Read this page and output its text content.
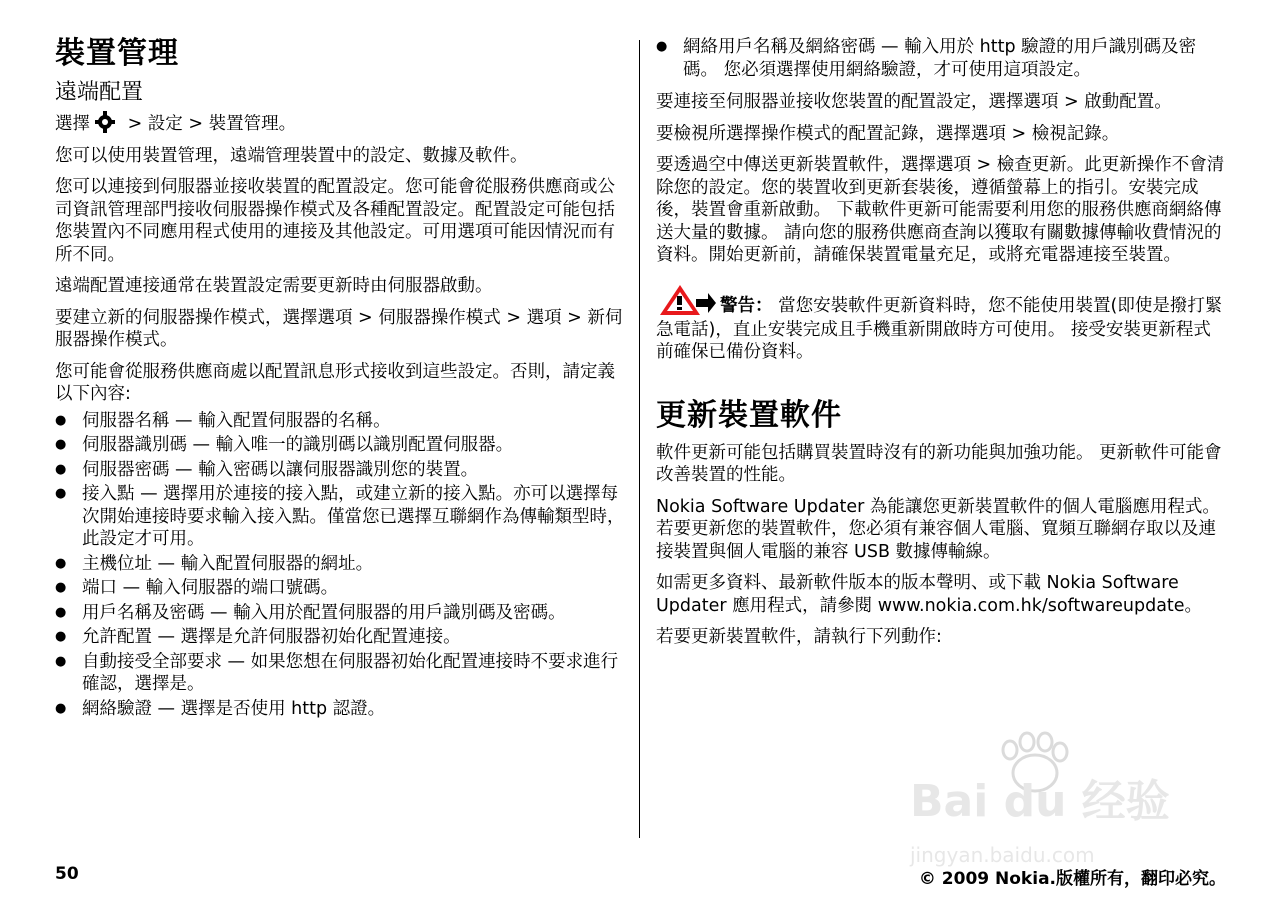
裝置管理
遠端配置

選擇 > 設定 > 裝置管理。

您可以使用裝置管理，遠端管理裝置中的設定、數據及軟件。

您可以連接到伺服器並接收裝置的配置設定。您可能會從服務供應商或公司資訊管理部門接收伺服器操作模式及各種配置設定。配置設定可能包括您裝置內不同應用程式使用的連接及其他設定。可用選項可能因情況而有所不同。

遠端配置連接通常在裝置設定需要更新時由伺服器啟動。

要建立新的伺服器操作模式，選擇選項 > 伺服器操作模式 > 選項 > 新伺服器操作模式。

您可能會從服務供應商處以配置訊息形式接收到這些設定。否則，請定義以下內容:

● 伺服器名稱 — 輸入配置伺服器的名稱。
● 伺服器識別碼 — 輸入唯一的識別碼以識別配置伺服器。
● 伺服器密碼 — 輸入密碼以讓伺服器識別您的裝置。
● 接入點 — 選擇用於連接的接入點，或建立新的接入點。亦可以選擇每次開始連接時要求輸入接入點。僅當您已選擇互聯網作為傳輸類型時，此設定才可用。
● 主機位址 — 輸入配置伺服器的網址。
● 端口 — 輸入伺服器的端口號碼。
● 用戶名稱及密碼 — 輸入用於配置伺服器的用戶識別碼及密碼。
● 允許配置 — 選擇是允許伺服器初始化配置連接。
● 自動接受全部要求 — 如果您想在伺服器初始化配置連接時不要求進行確認，選擇是。
● 網絡驗證 — 選擇是否使用 http 認證。
● 網絡用戶名稱及網絡密碼 — 輸入用於 http 驗證的用戶識別碼及密碼。 您必須選擇使用網絡驗證，才可使用這項設定。

要連接至伺服器並接收您裝置的配置設定，選擇選項 > 啟動配置。

要檢視所選擇操作模式的配置記錄，選擇選項 > 檢視記錄。

要透過空中傳送更新裝置軟件，選擇選項 > 檢查更新。此更新操作不會清除您的設定。您的裝置收到更新套裝後，遵循螢幕上的指引。安裝完成後，裝置會重新啟動。 下載軟件更新可能需要利用您的服務供應商網絡傳送大量的數據。 請向您的服務供應商查詢以獲取有關數據傳輸收費情況的資料。開始更新前，請確保裝置電量充足，或將充電器連接至裝置。

警告： 當您安裝軟件更新資料時，您不能使用裝置(即使是撥打緊急電話)，直止安裝完成且手機重新開啟時方可使用。 接受安裝更新程式前確保已備份資料。

更新裝置軟件

軟件更新可能包括購買裝置時沒有的新功能與加強功能。 更新軟件可能會改善裝置的性能。

Nokia Software Updater 為能讓您更新裝置軟件的個人電腦應用程式。 若要更新您的裝置軟件，您必須有兼容個人電腦、寬頻互聯網存取以及連接裝置與個人電腦的兼容 USB 數據傳輸線。

如需更多資料、最新軟件版本的版本聲明、或下載 Nokia Software Updater 應用程式，請參閱 www.nokia.com.hk/softwareupdate。

若要更新裝置軟件，請執行下列動作:

50	© 2009 Nokia.版權所有，翻印必究。
Bai du 经验
jingyan.baidu.com
